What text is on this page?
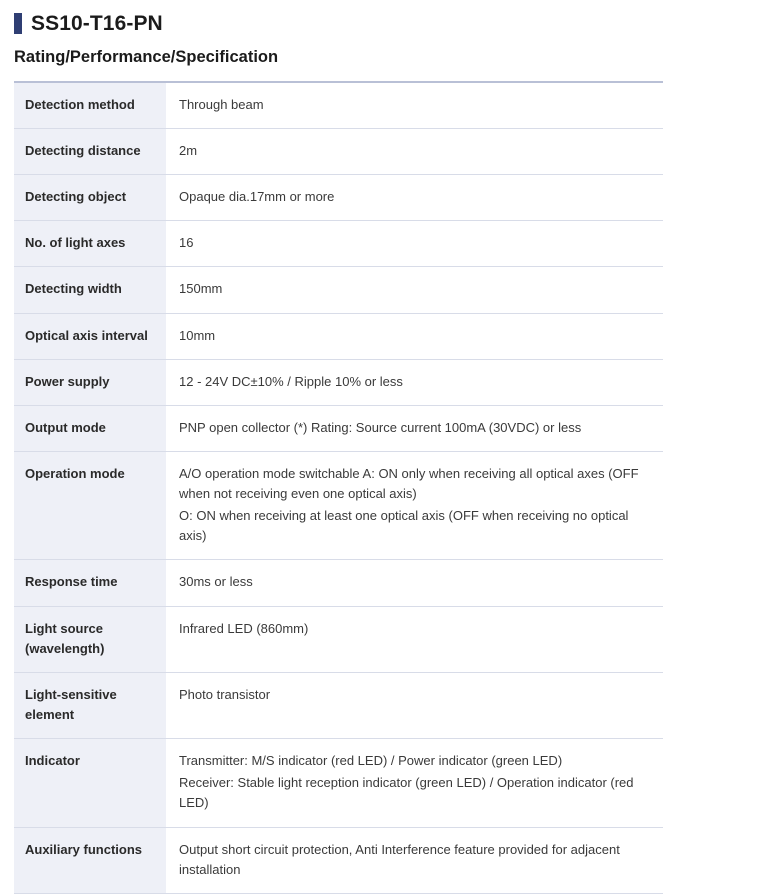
SS10-T16-PN
Rating/Performance/Specification
Detection method	Through beam

Detecting distance	2m

Detecting object	Opaque dia.17mm or more

No. of light axes	16

Detecting width	150mm

Optical axis interval	10mm

Power supply	12 - 24V DC±10% / Ripple 10% or less

Output mode	PNP open collector (*) Rating: Source current 100mA (30VDC) or less

Operation mode	A/O operation mode switchable A: ON only when receiving all optical axes (OFF when not receiving even one optical axis)

O: ON when receiving at least one optical axis (OFF when receiving no optical axis)

Response time	30ms or less

Light source (wavelength)	Infrared LED (860mm)

Light-sensitive element	Photo transistor

Indicator	Transmitter: M/S indicator (red LED) / Power indicator (green LED)

Receiver: Stable light reception indicator (green LED) / Operation indicator (red LED)

Auxiliary functions	Output short circuit protection, Anti Interference feature provided for adjacent installation
